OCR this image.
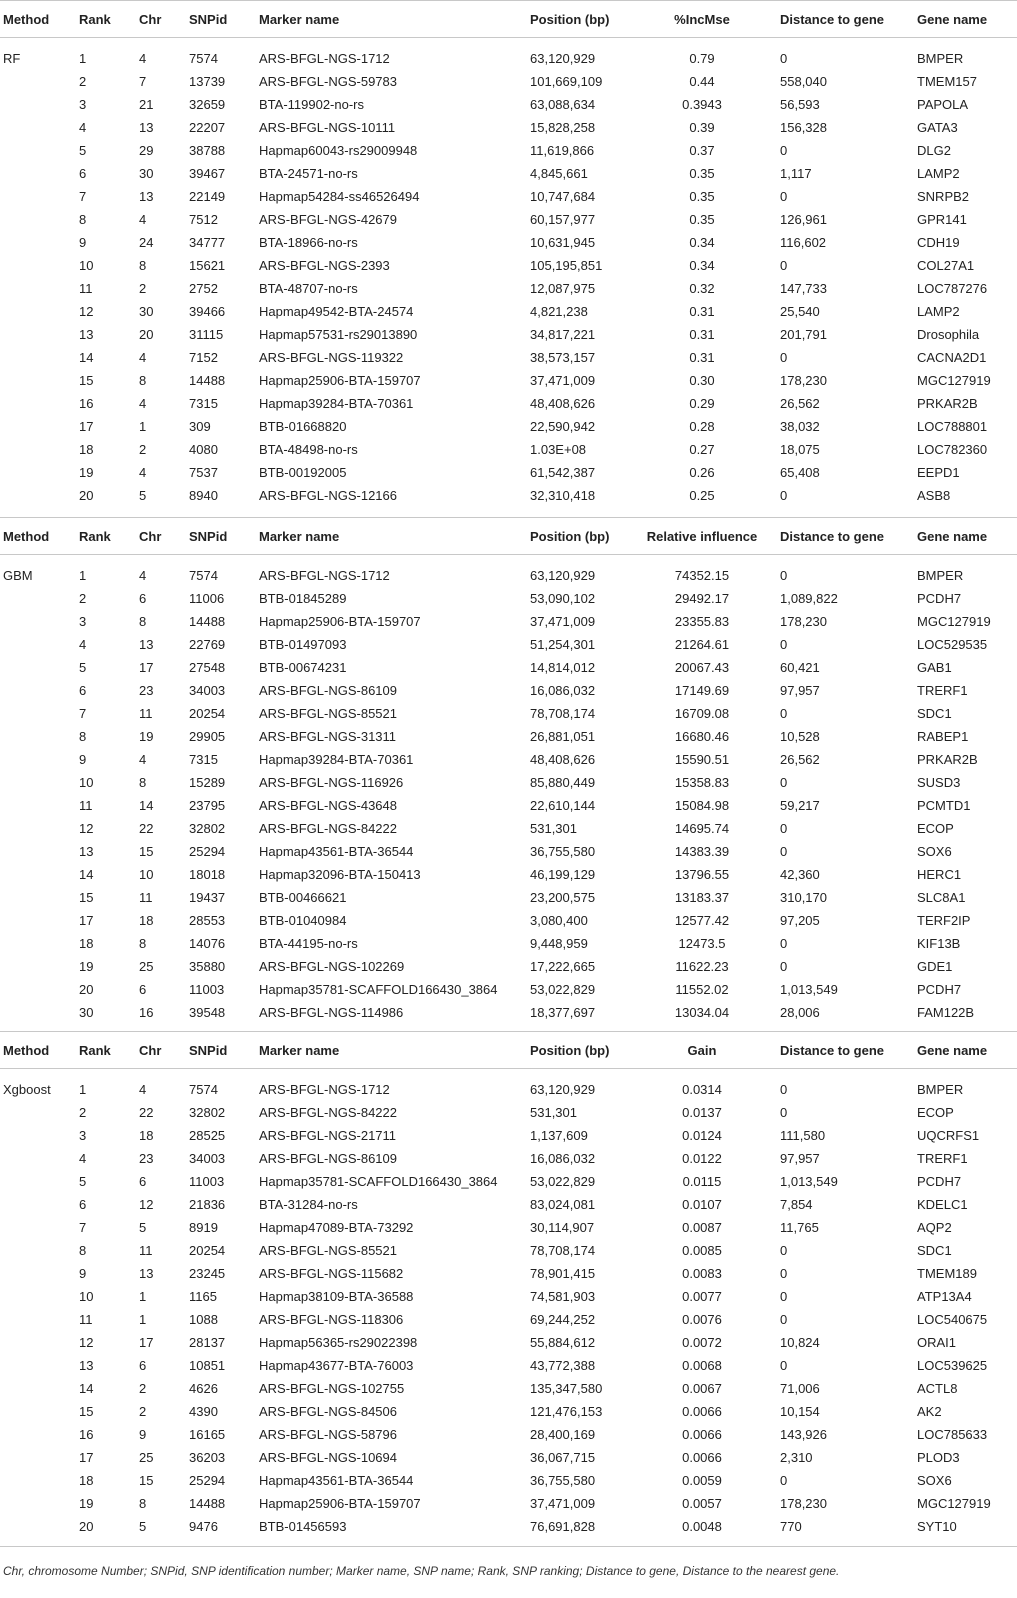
Method	Rank	Chr	SNPid	Marker name	Position (bp)	%IncMse	Distance to gene	Gene name
RF	1	4	7574	ARS-BFGL-NGS-1712	63,120,929	0.79	0	BMPER
	2	7	13739	ARS-BFGL-NGS-59783	101,669,109	0.44	558,040	TMEM157
	3	21	32659	BTA-119902-no-rs	63,088,634	0.3943	56,593	PAPOLA
	4	13	22207	ARS-BFGL-NGS-10111	15,828,258	0.39	156,328	GATA3
	5	29	38788	Hapmap60043-rs29009948	11,619,866	0.37	0	DLG2
	6	30	39467	BTA-24571-no-rs	4,845,661	0.35	1,117	LAMP2
	7	13	22149	Hapmap54284-ss46526494	10,747,684	0.35	0	SNRPB2
	8	4	7512	ARS-BFGL-NGS-42679	60,157,977	0.35	126,961	GPR141
	9	24	34777	BTA-18966-no-rs	10,631,945	0.34	116,602	CDH19
	10	8	15621	ARS-BFGL-NGS-2393	105,195,851	0.34	0	COL27A1
	11	2	2752	BTA-48707-no-rs	12,087,975	0.32	147,733	LOC787276
	12	30	39466	Hapmap49542-BTA-24574	4,821,238	0.31	25,540	LAMP2
	13	20	31115	Hapmap57531-rs29013890	34,817,221	0.31	201,791	Drosophila
	14	4	7152	ARS-BFGL-NGS-119322	38,573,157	0.31	0	CACNA2D1
	15	8	14488	Hapmap25906-BTA-159707	37,471,009	0.30	178,230	MGC127919
	16	4	7315	Hapmap39284-BTA-70361	48,408,626	0.29	26,562	PRKAR2B
	17	1	309	BTB-01668820	22,590,942	0.28	38,032	LOC788801
	18	2	4080	BTA-48498-no-rs	1.03E+08	0.27	18,075	LOC782360
	19	4	7537	BTB-00192005	61,542,387	0.26	65,408	EEPD1
	20	5	8940	ARS-BFGL-NGS-12166	32,310,418	0.25	0	ASB8
Method	Rank	Chr	SNPid	Marker name	Position (bp)	Relative influence	Distance to gene	Gene name
GBM	1	4	7574	ARS-BFGL-NGS-1712	63,120,929	74352.15	0	BMPER
	2	6	11006	BTB-01845289	53,090,102	29492.17	1,089,822	PCDH7
	3	8	14488	Hapmap25906-BTA-159707	37,471,009	23355.83	178,230	MGC127919
	4	13	22769	BTB-01497093	51,254,301	21264.61	0	LOC529535
	5	17	27548	BTB-00674231	14,814,012	20067.43	60,421	GAB1
	6	23	34003	ARS-BFGL-NGS-86109	16,086,032	17149.69	97,957	TRERF1
	7	11	20254	ARS-BFGL-NGS-85521	78,708,174	16709.08	0	SDC1
	8	19	29905	ARS-BFGL-NGS-31311	26,881,051	16680.46	10,528	RABEP1
	9	4	7315	Hapmap39284-BTA-70361	48,408,626	15590.51	26,562	PRKAR2B
	10	8	15289	ARS-BFGL-NGS-116926	85,880,449	15358.83	0	SUSD3
	11	14	23795	ARS-BFGL-NGS-43648	22,610,144	15084.98	59,217	PCMTD1
	12	22	32802	ARS-BFGL-NGS-84222	531,301	14695.74	0	ECOP
	13	15	25294	Hapmap43561-BTA-36544	36,755,580	14383.39	0	SOX6
	14	10	18018	Hapmap32096-BTA-150413	46,199,129	13796.55	42,360	HERC1
	15	11	19437	BTB-00466621	23,200,575	13183.37	310,170	SLC8A1
	17	18	28553	BTB-01040984	3,080,400	12577.42	97,205	TERF2IP
	18	8	14076	BTA-44195-no-rs	9,448,959	12473.5	0	KIF13B
	19	25	35880	ARS-BFGL-NGS-102269	17,222,665	11622.23	0	GDE1
	20	6	11003	Hapmap35781-SCAFFOLD166430_3864	53,022,829	11552.02	1,013,549	PCDH7
	30	16	39548	ARS-BFGL-NGS-114986	18,377,697	13034.04	28,006	FAM122B
Method	Rank	Chr	SNPid	Marker name	Position (bp)	Gain	Distance to gene	Gene name
Xgboost	1	4	7574	ARS-BFGL-NGS-1712	63,120,929	0.0314	0	BMPER
	2	22	32802	ARS-BFGL-NGS-84222	531,301	0.0137	0	ECOP
	3	18	28525	ARS-BFGL-NGS-21711	1,137,609	0.0124	111,580	UQCRFS1
	4	23	34003	ARS-BFGL-NGS-86109	16,086,032	0.0122	97,957	TRERF1
	5	6	11003	Hapmap35781-SCAFFOLD166430_3864	53,022,829	0.0115	1,013,549	PCDH7
	6	12	21836	BTA-31284-no-rs	83,024,081	0.0107	7,854	KDELC1
	7	5	8919	Hapmap47089-BTA-73292	30,114,907	0.0087	11,765	AQP2
	8	11	20254	ARS-BFGL-NGS-85521	78,708,174	0.0085	0	SDC1
	9	13	23245	ARS-BFGL-NGS-115682	78,901,415	0.0083	0	TMEM189
	10	1	1165	Hapmap38109-BTA-36588	74,581,903	0.0077	0	ATP13A4
	11	1	1088	ARS-BFGL-NGS-118306	69,244,252	0.0076	0	LOC540675
	12	17	28137	Hapmap56365-rs29022398	55,884,612	0.0072	10,824	ORAI1
	13	6	10851	Hapmap43677-BTA-76003	43,772,388	0.0068	0	LOC539625
	14	2	4626	ARS-BFGL-NGS-102755	135,347,580	0.0067	71,006	ACTL8
	15	2	4390	ARS-BFGL-NGS-84506	121,476,153	0.0066	10,154	AK2
	16	9	16165	ARS-BFGL-NGS-58796	28,400,169	0.0066	143,926	LOC785633
	17	25	36203	ARS-BFGL-NGS-10694	36,067,715	0.0066	2,310	PLOD3
	18	15	25294	Hapmap43561-BTA-36544	36,755,580	0.0059	0	SOX6
	19	8	14488	Hapmap25906-BTA-159707	37,471,009	0.0057	178,230	MGC127919
	20	5	9476	BTB-01456593	76,691,828	0.0048	770	SYT10
Chr, chromosome Number; SNPid, SNP identification number; Marker name, SNP name; Rank, SNP ranking; Distance to gene, Distance to the nearest gene.
